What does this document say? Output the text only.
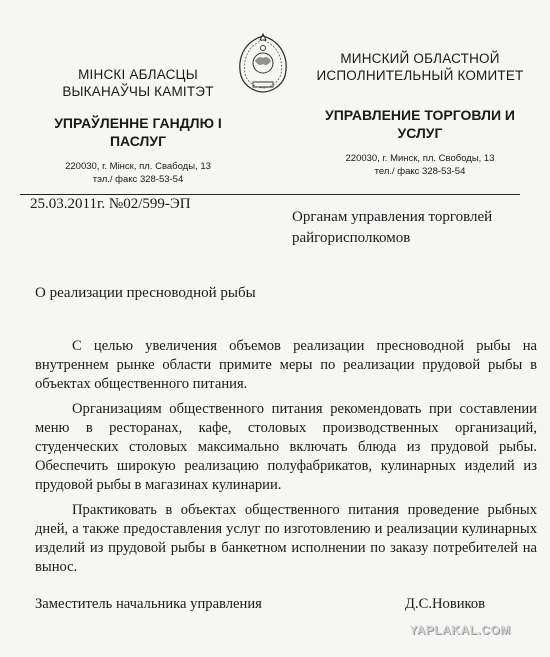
МІНСКІ АБЛАСЦЫ
ВЫКАНАЎЧЫ КАМІТЭТ
УПРАЎЛЕННЕ ГАНДЛЮ І
ПАСЛУГ
220030, г. Мінск, пл. Свабоды, 13
тэл./ факс 328-53-54
МИНСКИЙ ОБЛАСТНОЙ
ИСПОЛНИТЕЛЬНЫЙ КОМИТЕТ
УПРАВЛЕНИЕ ТОРГОВЛИ И
УСЛУГ
220030, г. Минск, пл. Свободы, 13
тел./ факс 328-53-54
25.03.2011г. №02/599-ЭП
Органам управления торговлей
райгорисполкомов
О реализации пресноводной рыбы

С целью увеличения объемов реализации пресноводной рыбы на внутреннем рынке области примите меры по реализации прудовой рыбы в объектах общественного питания.

Организациям общественного питания рекомендовать при составлении меню в ресторанах, кафе, столовых производственных организаций, студенческих столовых максимально включать блюда из прудовой рыбы. Обеспечить широкую реализацию полуфабрикатов, кулинарных изделий из прудовой рыбы в магазинах кулинарии.

Практиковать в объектах общественного питания проведение рыбных дней, а также предоставления услуг по изготовлению и реализации кулинарных изделий из прудовой рыбы в банкетном исполнении по заказу потребителей на вынос.

Заместитель начальника управления	Д.С.Новиков
YAPLAKAL.COM
